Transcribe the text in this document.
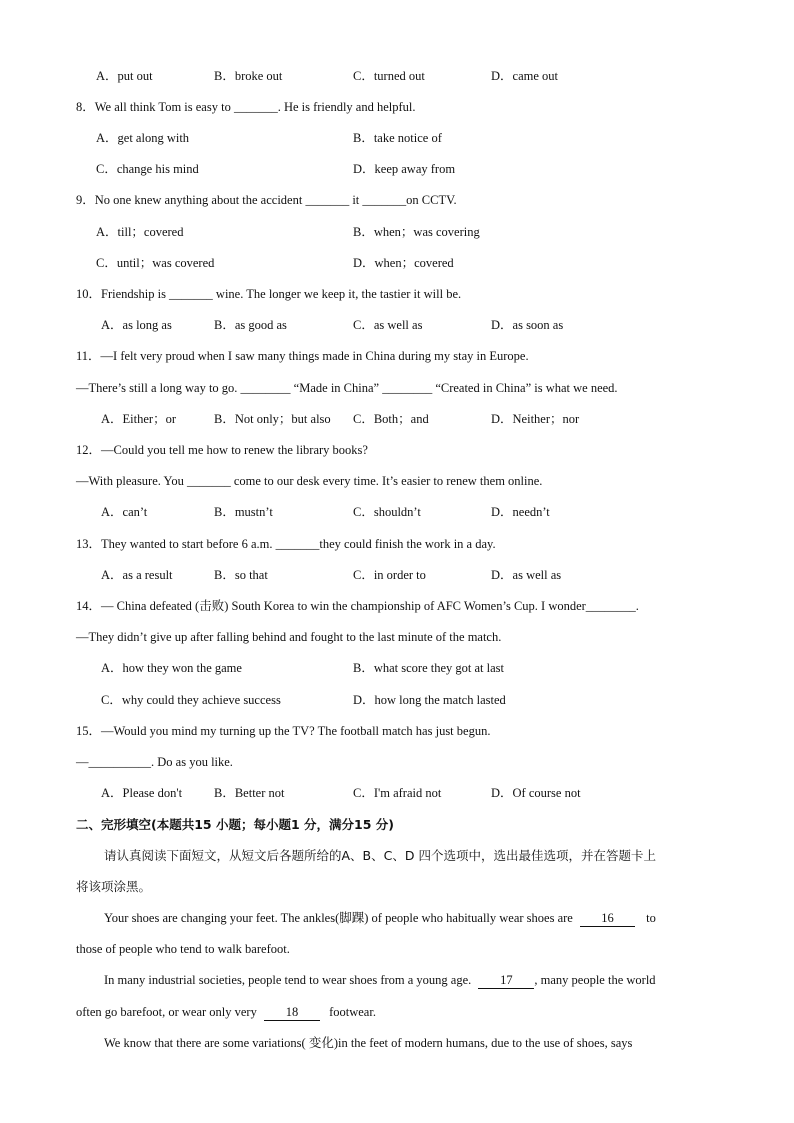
A．put out	B．broke out	C．turned out	D．came out
8．We all think Tom is easy to _______. He is friendly and helpful.
A．get along with	B．take notice of
C．change his mind	D．keep away from
9．No one knew anything about the accident _______ it _______on CCTV.
A．till；covered	B．when；was covering
C．until；was covered	D．when；covered
10．Friendship is _______ wine. The longer we keep it, the tastier it will be.
A．as long as	B．as good as	C．as well as	D．as soon as
11．—I felt very proud when I saw many things made in China during my stay in Europe.
—There’s still a long way to go. ________ “Made in China” ________ “Created in China” is what we need.
A．Either；or	B．Not only；but also C．Both；and	D．Neither；nor
12．—Could you tell me how to renew the library books?
—With pleasure. You _______ come to our desk every time. It’s easier to renew them online.
A．can’t	B．mustn’t	C．shouldn’t	D．needn’t
13．They wanted to start before 6 a.m. _______they could finish the work in a day.
A．as a result	B．so that	C．in order to	D．as well as
14．— China defeated (击败) South Korea to win the championship of AFC Women’s Cup. I wonder________.
—They didn’t give up after falling behind and fought to the last minute of the match.
A．how they won the game	B．what score they got at last
C．why could they achieve success	D．how long the match lasted
15．—Would you mind my turning up the TV? The football match has just begun.
—__________. Do as you like.
A．Please don't	B．Better not	C．I'm afraid not	D．Of course not
二、完形填空(本题共15 小题；每小题1 分，满分15 分)
请认真阅读下面短文，从短文后各题所给的A、B、C、D 四个选项中，选出最佳选项，并在答题卡上
将该项涂黑。
Your shoes are changing your feet. The ankles(脚踝) of people who habitually wear shoes are 16	to
those of people who tend to walk barefoot.
In many industrial societies, people tend to wear shoes from a young age. 17 , many people the world
often go barefoot, or wear only very 18 footwear.
We know that there are some variations( 变化)in the feet of modern humans, due to the use of shoes, says
